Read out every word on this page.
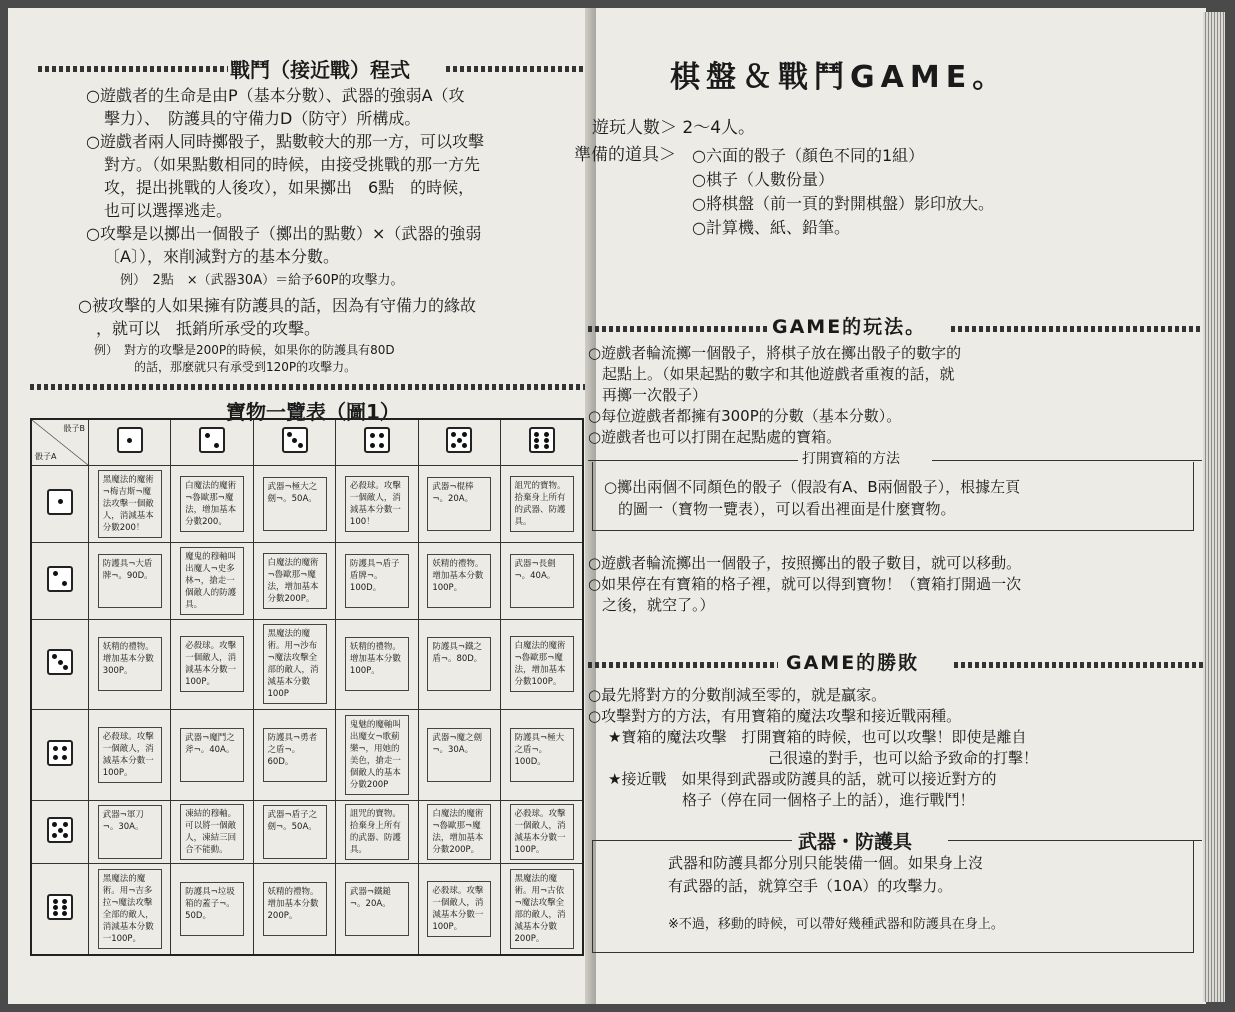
戰鬥（接近戰）程式
○遊戲者的生命是由P（基本分數）、武器的強弱A（攻
擊力）、　防護具的守備力D（防守）所構成。
○遊戲者兩人同時擲骰子，點數較大的那一方，可以攻擊
對方。（如果點數相同的時候，由接受挑戰的那一方先
攻，提出挑戰的人後攻），如果擲出　6點　的時候，
也可以選擇逃走。
○攻擊是以擲出一個骰子（擲出的點數）×（武器的強弱
〔A〕），來削減對方的基本分數。
例）　2點　×（武器30A）＝給予60P的攻擊力。
○被攻擊的人如果擁有防護具的話，因為有守備力的緣故
，就可以　抵銷所承受的攻擊。
例）　對方的攻擊是200P的時候，如果你的防護具有80D
的話，那麼就只有承受到120P的攻擊力。
寶物一覽表（圖1）
骰子B
骰子A						

	黑魔法的魔術¬梅吉斯¬魔法攻擊一個敵人，消減基本分數200！	白魔法的魔術¬魯歐那¬魔法，增加基本分數200。	武器¬極大之劍¬。50A。	必殺球。攻擊一個敵人，消減基本分數一100！	武器¬棍棒¬。20A。	詛咒的寶物。拾棄身上所有的武器、防護具。

	防護具¬大盾牌¬。90D。	魔鬼的穆軸叫出魔人¬史多林¬，搶走一個敵人的防護具。	白魔法的魔術¬魯歐那¬魔法，增加基本分數200P。	防護具¬盾子盾牌¬。100D。	妖精的禮物。增加基本分數100P。	武器¬長劍¬。40A。

	妖精的禮物。增加基本分數300P。	必殺球。攻擊一個敵人，消減基本分數一100P。	黑魔法的魔術。用¬沙布¬魔法攻擊全部的敵人，消減基本分數100P	妖精的禮物。增加基本分數100P。	防護具¬鐵之盾¬。80D。	白魔法的魔術¬魯歐那¬魔法，增加基本分數100P。

	必殺球。攻擊一個敵人，消減基本分數一100P。	武器¬魔鬥之斧¬。40A。	防護具¬勇者之盾¬。60D。	鬼魅的魔軸叫出魔女¬歌薊樂¬，用她的美色，搶走一個敵人的基本分數200P	武器¬魔之劍¬。30A。	防護具¬極大之盾¬。100D。

	武器¬軍刀¬。30A。	凍結的穆軸。可以將一個敵人，凍結三回合不能動。	武器¬盾子之劍¬。50A。	詛咒的寶物。拾棄身上所有的武器、防護具。	白魔法的魔術¬魯歐那¬魔法，增加基本分數200P。	必殺球。攻擊一個敵人，消減基本分數一100P。

	黑魔法的魔術。用¬吉多拉¬魔法攻擊全部的敵人，消減基本分數一100P。	防護具¬垃圾箱的蓋子¬。50D。	妖精的禮物。增加基本分數200P。	武器¬鐵鎚¬。20A。	必殺球。攻擊一個敵人，消減基本分數一100P。	黑魔法的魔術。用¬古依¬魔法攻擊全部的敵人，消減基本分數200P。
棋盤＆戰鬥GAME。
遊玩人數＞ 2～4人。
準備的道具＞ ○六面的骰子（顏色不同的1組）
○棋子（人數份量）
○將棋盤（前一頁的對開棋盤）影印放大。
○計算機、紙、鉛筆。
GAME的玩法。
○遊戲者輪流擲一個骰子，將棋子放在擲出骰子的數字的
起點上。（如果起點的數字和其他遊戲者重複的話，就
再擲一次骰子）
○每位遊戲者都擁有300P的分數（基本分數）。
○遊戲者也可以打開在起點處的寶箱。
打開寶箱的方法
○擲出兩個不同顏色的骰子（假設有A、B兩個骰子），根據左頁
的圖一（寶物一覽表），可以看出裡面是什麼寶物。
○遊戲者輪流擲出一個骰子，按照擲出的骰子數目，就可以移動。
○如果停在有寶箱的格子裡，就可以得到寶物！（寶箱打開過一次
之後，就空了。）
GAME的勝敗
○最先將對方的分數削減至零的，就是贏家。
○攻擊對方的方法，有用寶箱的魔法攻擊和接近戰兩種。
★寶箱的魔法攻擊　打開寶箱的時候，也可以攻擊！即使是離自
己很遠的對手，也可以給予致命的打擊！
★接近戰　如果得到武器或防護具的話，就可以接近對方的
格子（停在同一個格子上的話），進行戰鬥！
武器・防護具
武器和防護具都分別只能裝備一個。如果身上沒
有武器的話，就算空手（10A）的攻擊力。
※不過，移動的時候，可以帶好幾種武器和防護具在身上。
